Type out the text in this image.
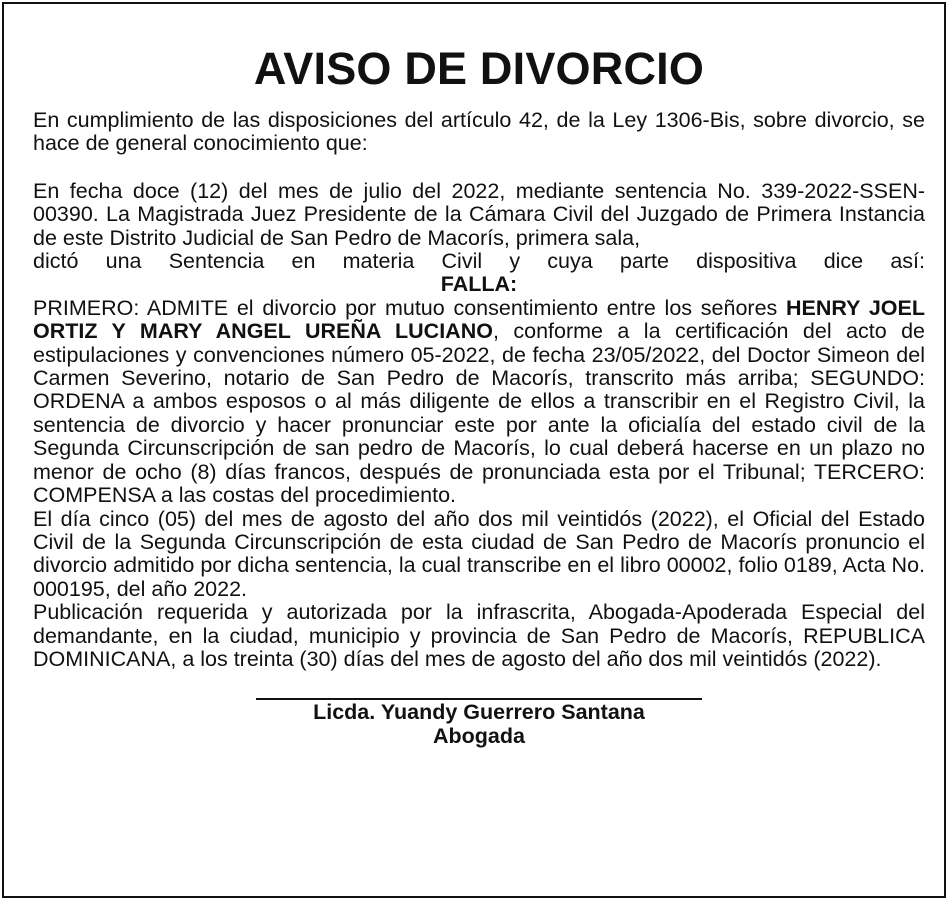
AVISO DE DIVORCIO

En cumplimiento de las disposiciones del artículo 42, de la Ley 1306-Bis, sobre divorcio, se hace de general conocimiento que:

En fecha doce (12) del mes de julio del 2022, mediante sentencia No. 339-2022-SSEN-00390. La Magistrada Juez Presidente de la Cámara Civil del Juzgado de Primera Instancia de este Distrito Judicial de San Pedro de Macorís, primera sala,

dictó una Sentencia en materia Civil y cuya parte dispositiva dice así:

FALLA:

PRIMERO: ADMITE el divorcio por mutuo consentimiento entre los señores HENRY JOEL ORTIZ Y MARY ANGEL UREÑA LUCIANO, conforme a la certificación del acto de estipulaciones y convenciones número 05-2022, de fecha 23/05/2022, del Doctor Simeon del Carmen Severino, notario de San Pedro de Macorís, transcrito más arriba; SEGUNDO: ORDENA a ambos esposos o al más diligente de ellos a transcribir en el Registro Civil, la sentencia de divorcio y hacer pronunciar este por ante la oficialía del estado civil de la Segunda Circunscripción de san pedro de Macorís, lo cual deberá hacerse en un plazo no menor de ocho (8) días francos, después de pronunciada esta por el Tribunal; TERCERO: COMPENSA a las costas del procedimiento.

El día cinco (05) del mes de agosto del año dos mil veintidós (2022), el Oficial del Estado Civil de la Segunda Circunscripción de esta ciudad de San Pedro de Macorís pronuncio el divorcio admitido por dicha sentencia, la cual transcribe en el libro 00002, folio 0189, Acta No. 000195, del año 2022.

Publicación requerida y autorizada por la infrascrita, Abogada-Apoderada Especial del demandante, en la ciudad, municipio y provincia de San Pedro de Macorís, REPUBLICA DOMINICANA, a los treinta (30) días del mes de agosto del año dos mil veintidós (2022).

Licda. Yuandy Guerrero Santana

Abogada
